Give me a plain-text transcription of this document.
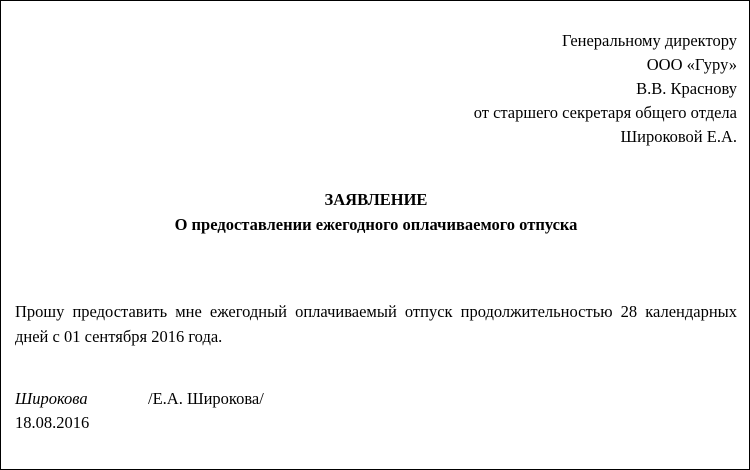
Генеральному директору
ООО «Гуру»
В.В. Краснову
от старшего секретаря общего отдела
Широковой Е.А.
ЗАЯВЛЕНИЕ
О предоставлении ежегодного оплачиваемого отпуска
Прошу предоставить мне ежегодный оплачиваемый отпуск продолжительностью 28 календарных дней с 01 сентября 2016 года.
Широкова	/Е.А. Широкова/
18.08.2016
